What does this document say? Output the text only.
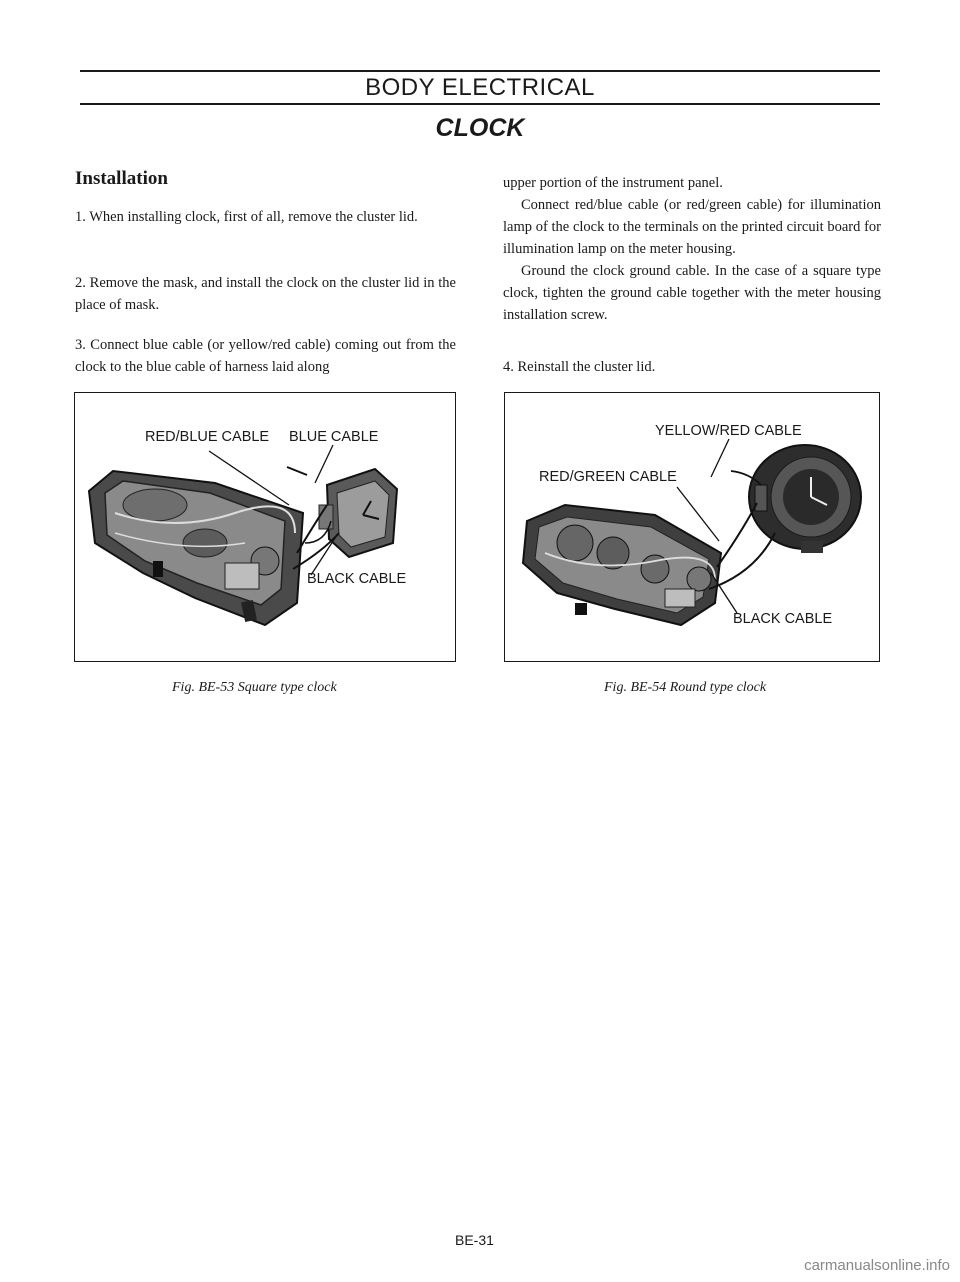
BODY ELECTRICAL
CLOCK
Installation
1. When installing clock, first of all, remove the cluster lid.
2. Remove the mask, and install the clock on the cluster lid in the place of mask.
3. Connect blue cable (or yellow/red cable) coming out from the clock to the blue cable of harness laid along
upper portion of the instrument panel.
Connect red/blue cable (or red/green cable) for illumination lamp of the clock to the terminals on the printed circuit board for illumination lamp on the meter housing.
Ground the clock ground cable. In the case of a square type clock, tighten the ground cable together with the meter housing installation screw.
4. Reinstall the cluster lid.
RED/BLUE CABLE BLUE CABLE
BLACK CABLE
Fig. BE-53 Square type clock
YELLOW/RED CABLE
RED/GREEN CABLE
BLACK CABLE
Fig. BE-54 Round type clock
BE-31
carmanualsonline.info
